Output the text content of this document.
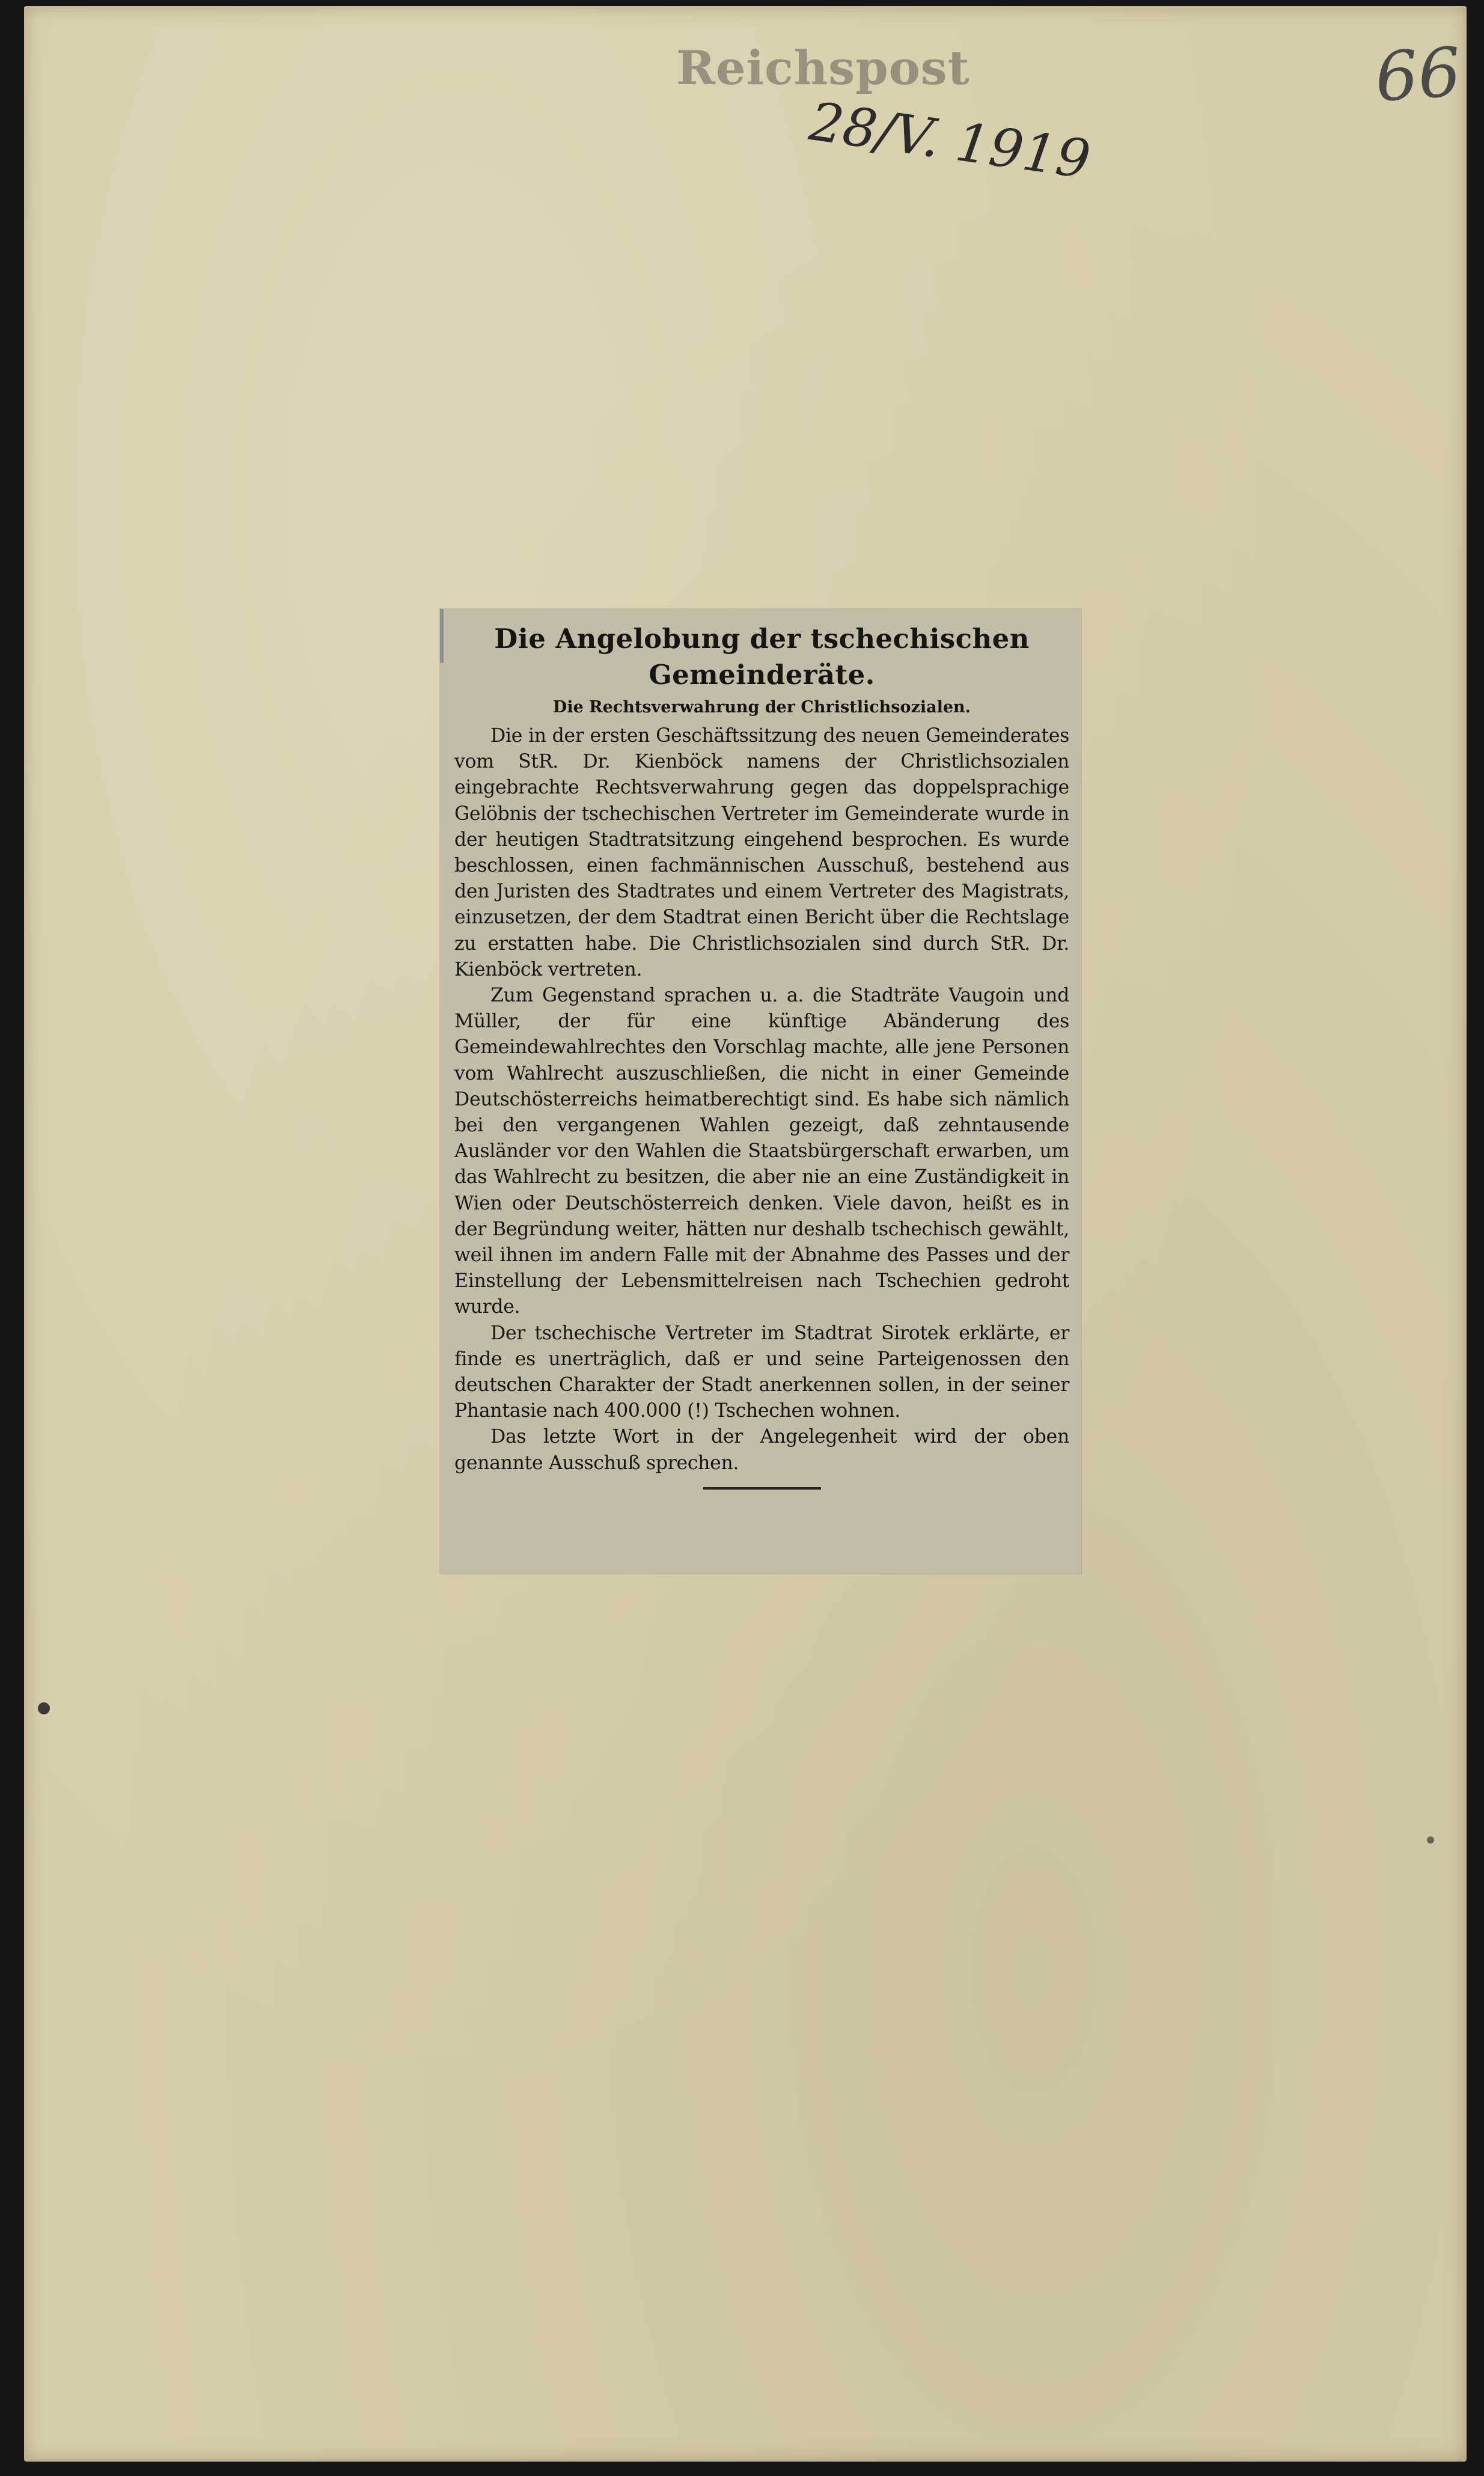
Reichspost
28/V. 1919
66
Die Angelobung der tschechischen Gemeinderäte.
Die Rechtsverwahrung der Christlichsozialen.

Die in der ersten Geschäftssitzung des neuen Gemeinderates vom StR. Dr. Kienböck namens der Christlichsozialen eingebrachte Rechtsverwahrung gegen das doppelsprachige Gelöbnis der tschechischen Vertreter im Gemeinderate wurde in der heutigen Stadtratsitzung eingehend besprochen. Es wurde beschlossen, einen fachmännischen Ausschuß, bestehend aus den Juristen des Stadtrates und einem Vertreter des Magistrats, einzusetzen, der dem Stadtrat einen Bericht über die Rechtslage zu erstatten habe. Die Christlichsozialen sind durch StR. Dr. Kienböck vertreten.

Zum Gegenstand sprachen u. a. die Stadträte Vaugoin und Müller, der für eine künftige Abänderung des Gemeindewahlrechtes den Vorschlag machte, alle jene Personen vom Wahlrecht auszuschließen, die nicht in einer Gemeinde Deutschösterreichs heimatberechtigt sind. Es habe sich nämlich bei den vergangenen Wahlen gezeigt, daß zehntausende Ausländer vor den Wahlen die Staatsbürgerschaft erwarben, um das Wahlrecht zu besitzen, die aber nie an eine Zuständigkeit in Wien oder Deutschösterreich denken. Viele davon, heißt es in der Begründung weiter, hätten nur deshalb tschechisch gewählt, weil ihnen im andern Falle mit der Abnahme des Passes und der Einstellung der Lebensmittelreisen nach Tschechien gedroht wurde.

Der tschechische Vertreter im Stadtrat Sirotek erklärte, er finde es unerträglich, daß er und seine Parteigenossen den deutschen Charakter der Stadt anerkennen sollen, in der seiner Phantasie nach 400.000 (!) Tschechen wohnen.

Das letzte Wort in der Angelegenheit wird der oben genannte Ausschuß sprechen.
